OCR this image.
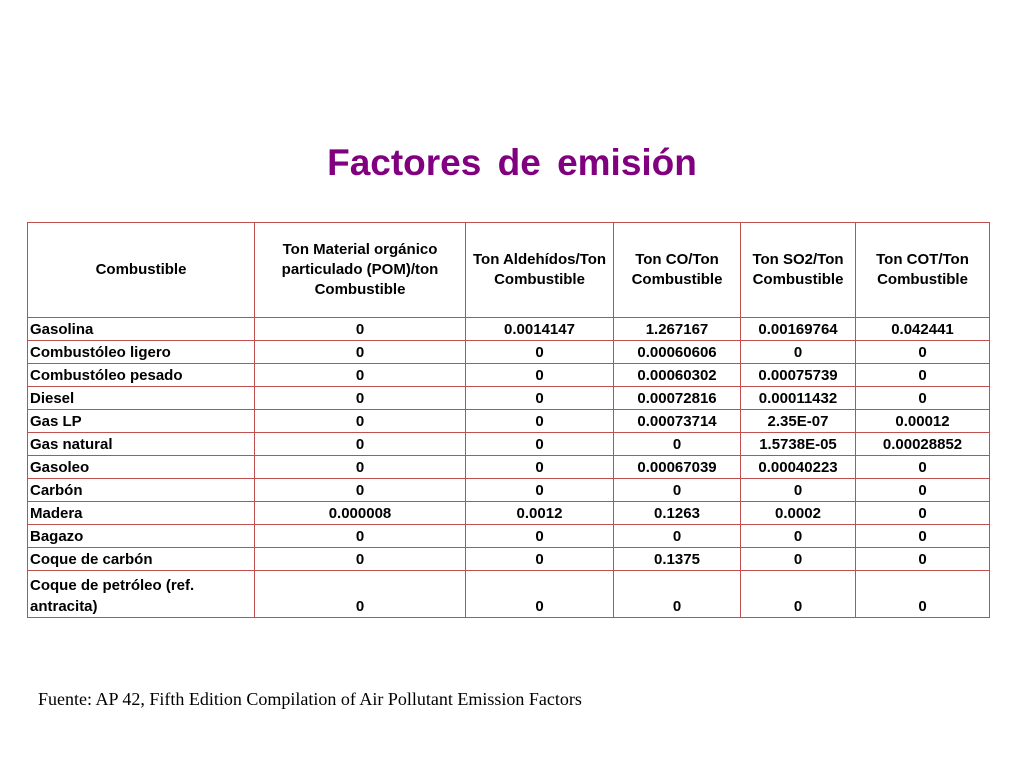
Factores de emisión
Combustible	Ton Material orgánico particulado (POM)/ton Combustible	Ton Aldehídos/Ton Combustible	Ton CO/Ton Combustible	Ton SO2/Ton Combustible	Ton COT/Ton Combustible
Gasolina	0	0.0014147	1.267167	0.00169764	0.042441
Combustóleo ligero	0	0	0.00060606	0	0
Combustóleo pesado	0	0	0.00060302	0.00075739	0
Diesel	0	0	0.00072816	0.00011432	0
Gas LP	0	0	0.00073714	2.35E-07	0.00012
Gas natural	0	0	0	1.5738E-05	0.00028852
Gasoleo	0	0	0.00067039	0.00040223	0
Carbón	0	0	0	0	0
Madera	0.000008	0.0012	0.1263	0.0002	0
Bagazo	0	0	0	0	0
Coque de carbón	0	0	0.1375	0	0
Coque de petróleo (ref. antracita)	0	0	0	0	0
Fuente: AP 42, Fifth Edition Compilation of Air Pollutant Emission Factors
